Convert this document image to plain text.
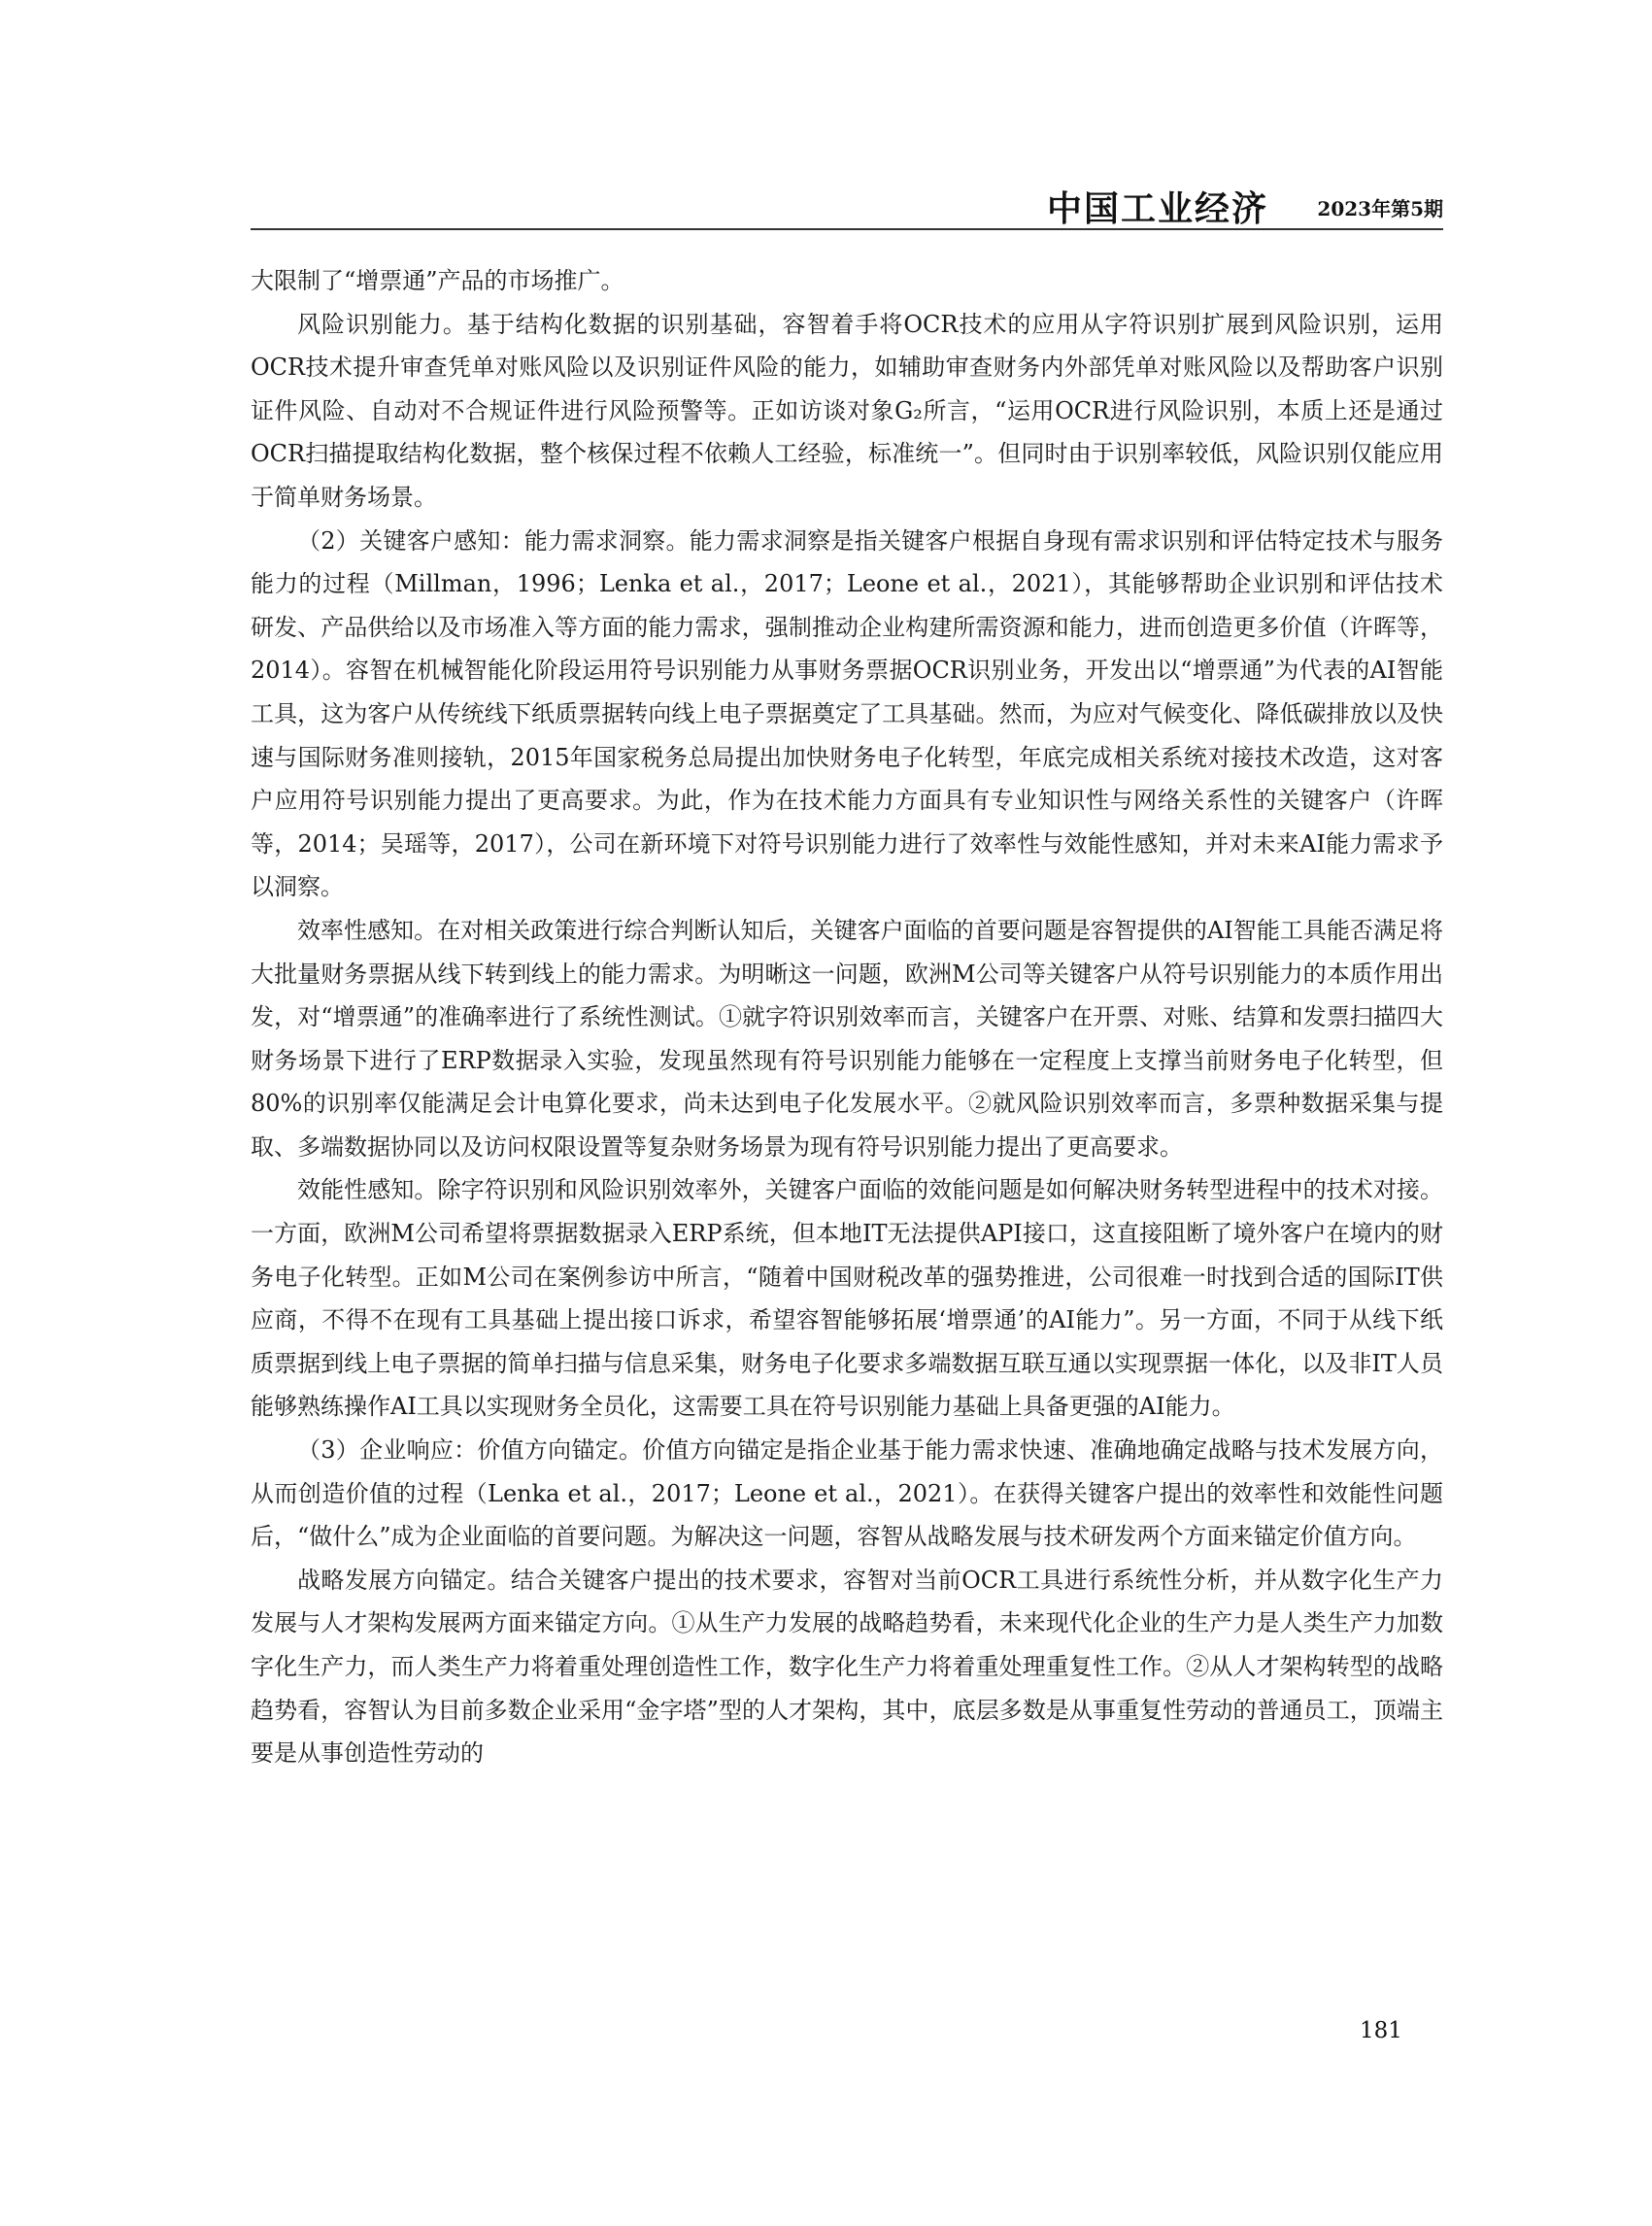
中国工业经济	2023年第5期

大限制了“增票通”产品的市场推广。

风险识别能力。基于结构化数据的识别基础，容智着手将OCR技术的应用从字符识别扩展到风险识别，运用OCR技术提升审查凭单对账风险以及识别证件风险的能力，如辅助审查财务内外部凭单对账风险以及帮助客户识别证件风险、自动对不合规证件进行风险预警等。正如访谈对象G₂所言，“运用OCR进行风险识别，本质上还是通过OCR扫描提取结构化数据，整个核保过程不依赖人工经验，标准统一”。但同时由于识别率较低，风险识别仅能应用于简单财务场景。

（2）关键客户感知：能力需求洞察。能力需求洞察是指关键客户根据自身现有需求识别和评估特定技术与服务能力的过程（Millman，1996；Lenka et al.，2017；Leone et al.，2021），其能够帮助企业识别和评估技术研发、产品供给以及市场准入等方面的能力需求，强制推动企业构建所需资源和能力，进而创造更多价值（许晖等，2014）。容智在机械智能化阶段运用符号识别能力从事财务票据OCR识别业务，开发出以“增票通”为代表的AI智能工具，这为客户从传统线下纸质票据转向线上电子票据奠定了工具基础。然而，为应对气候变化、降低碳排放以及快速与国际财务准则接轨，2015年国家税务总局提出加快财务电子化转型，年底完成相关系统对接技术改造，这对客户应用符号识别能力提出了更高要求。为此，作为在技术能力方面具有专业知识性与网络关系性的关键客户（许晖等，2014；吴瑶等，2017），公司在新环境下对符号识别能力进行了效率性与效能性感知，并对未来AI能力需求予以洞察。

效率性感知。在对相关政策进行综合判断认知后，关键客户面临的首要问题是容智提供的AI智能工具能否满足将大批量财务票据从线下转到线上的能力需求。为明晰这一问题，欧洲M公司等关键客户从符号识别能力的本质作用出发，对“增票通”的准确率进行了系统性测试。①就字符识别效率而言，关键客户在开票、对账、结算和发票扫描四大财务场景下进行了ERP数据录入实验，发现虽然现有符号识别能力能够在一定程度上支撑当前财务电子化转型，但80%的识别率仅能满足会计电算化要求，尚未达到电子化发展水平。②就风险识别效率而言，多票种数据采集与提取、多端数据协同以及访问权限设置等复杂财务场景为现有符号识别能力提出了更高要求。

效能性感知。除字符识别和风险识别效率外，关键客户面临的效能问题是如何解决财务转型进程中的技术对接。一方面，欧洲M公司希望将票据数据录入ERP系统，但本地IT无法提供API接口，这直接阻断了境外客户在境内的财务电子化转型。正如M公司在案例参访中所言，“随着中国财税改革的强势推进，公司很难一时找到合适的国际IT供应商，不得不在现有工具基础上提出接口诉求，希望容智能够拓展‘增票通’的AI能力”。另一方面，不同于从线下纸质票据到线上电子票据的简单扫描与信息采集，财务电子化要求多端数据互联互通以实现票据一体化，以及非IT人员能够熟练操作AI工具以实现财务全员化，这需要工具在符号识别能力基础上具备更强的AI能力。

（3）企业响应：价值方向锚定。价值方向锚定是指企业基于能力需求快速、准确地确定战略与技术发展方向，从而创造价值的过程（Lenka et al.，2017；Leone et al.，2021）。在获得关键客户提出的效率性和效能性问题后，“做什么”成为企业面临的首要问题。为解决这一问题，容智从战略发展与技术研发两个方面来锚定价值方向。

战略发展方向锚定。结合关键客户提出的技术要求，容智对当前OCR工具进行系统性分析，并从数字化生产力发展与人才架构发展两方面来锚定方向。①从生产力发展的战略趋势看，未来现代化企业的生产力是人类生产力加数字化生产力，而人类生产力将着重处理创造性工作，数字化生产力将着重处理重复性工作。②从人才架构转型的战略趋势看，容智认为目前多数企业采用“金字塔”型的人才架构，其中，底层多数是从事重复性劳动的普通员工，顶端主要是从事创造性劳动的

181
